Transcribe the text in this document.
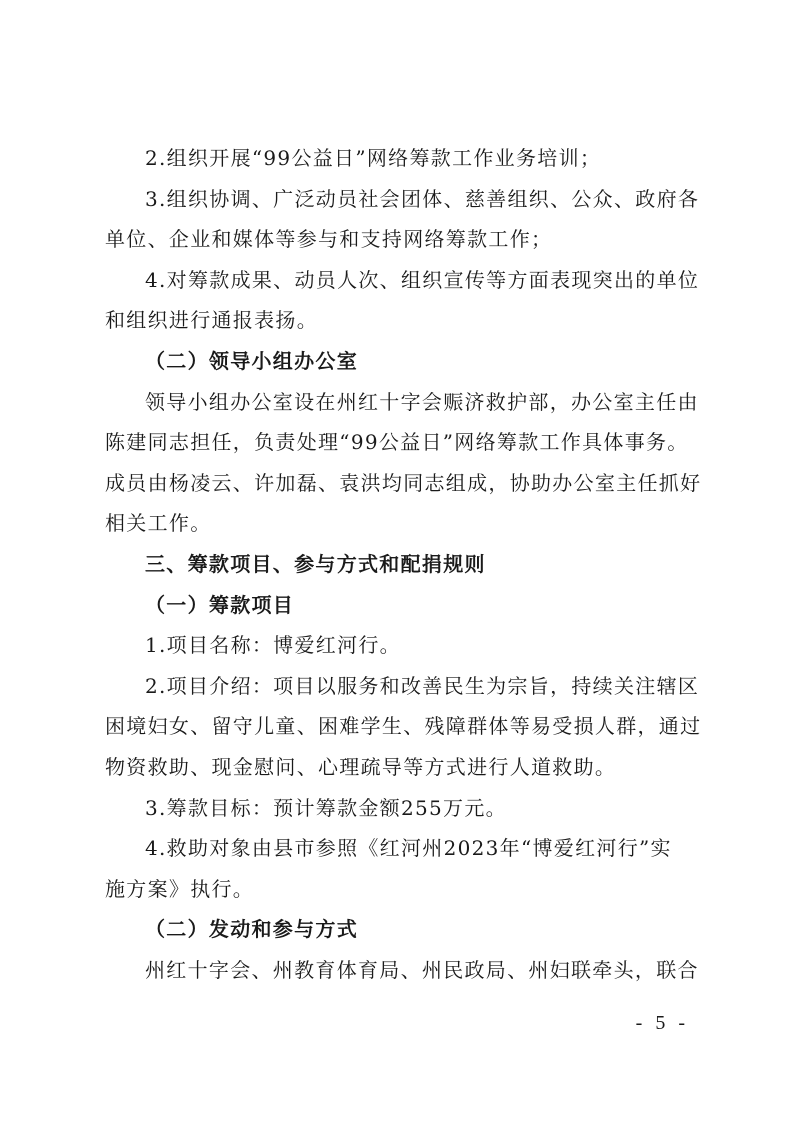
2.组织开展“99公益日”网络筹款工作业务培训；
3.组织协调、广泛动员社会团体、慈善组织、公众、政府各
单位、企业和媒体等参与和支持网络筹款工作；
4.对筹款成果、动员人次、组织宣传等方面表现突出的单位
和组织进行通报表扬。
（二）领导小组办公室
领导小组办公室设在州红十字会赈济救护部，办公室主任由
陈建同志担任，负责处理“99公益日”网络筹款工作具体事务。
成员由杨凌云、许加磊、袁洪均同志组成，协助办公室主任抓好
相关工作。
三、筹款项目、参与方式和配捐规则
（一）筹款项目
1.项目名称：博爱红河行。
2.项目介绍：项目以服务和改善民生为宗旨，持续关注辖区
困境妇女、留守儿童、困难学生、残障群体等易受损人群，通过
物资救助、现金慰问、心理疏导等方式进行人道救助。
3.筹款目标：预计筹款金额255万元。
4.救助对象由县市参照《红河州2023年“博爱红河行”实
施方案》执行。
（二）发动和参与方式
州红十字会、州教育体育局、州民政局、州妇联牵头，联合
- 5 -
